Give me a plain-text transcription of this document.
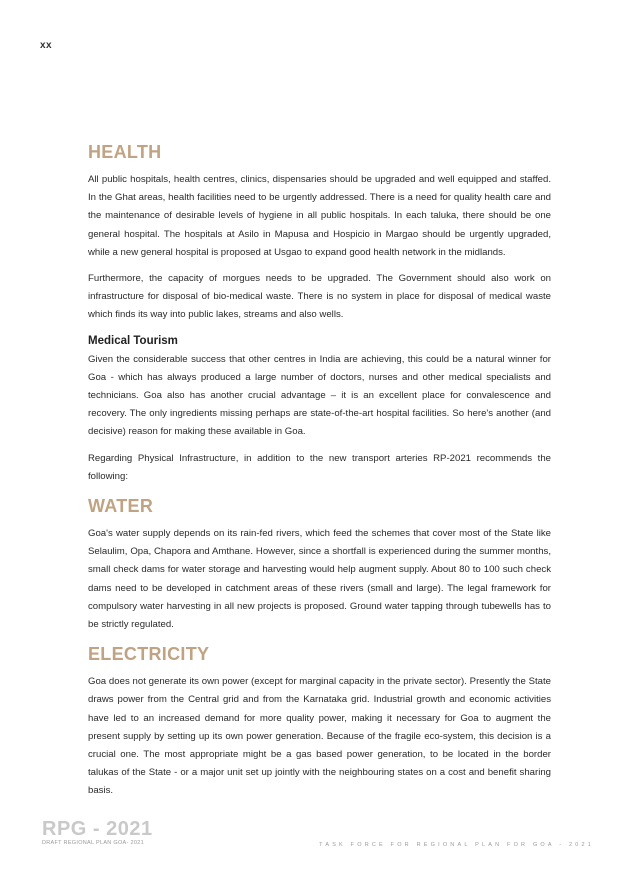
xx
HEALTH

All public hospitals, health centres, clinics, dispensaries should be upgraded and well equipped and staffed. In the Ghat areas, health facilities need to be urgently addressed. There is a need for quality health care and the maintenance of desirable levels of hygiene in all public hospitals. In each taluka, there should be one general hospital. The hospitals at Asilo in Mapusa and Hospicio in Margao should be urgently upgraded, while a new general hospital is proposed at Usgao to expand good health network in the midlands.

Furthermore, the capacity of morgues needs to be upgraded. The Government should also work on infrastructure for disposal of bio-medical waste. There is no system in place for disposal of medical waste which finds its way into public lakes, streams and also wells.

Medical Tourism

Given the considerable success that other centres in India are achieving, this could be a natural winner for Goa - which has always produced a large number of doctors, nurses and other medical specialists and technicians. Goa also has another crucial advantage – it is an excellent place for convalescence and recovery. The only ingredients missing perhaps are state-of-the-art hospital facilities. So here's another (and decisive) reason for making these available in Goa.

Regarding Physical Infrastructure, in addition to the new transport arteries RP-2021 recommends the following:

WATER

Goa's water supply depends on its rain-fed rivers, which feed the schemes that cover most of the State like Selaulim, Opa, Chapora and Amthane. However, since a shortfall is experienced during the summer months, small check dams for water storage and harvesting would help augment supply. About 80 to 100 such check dams need to be developed in catchment areas of these rivers (small and large). The legal framework for compulsory water harvesting in all new projects is proposed. Ground water tapping through tubewells has to be strictly regulated.

ELECTRICITY

Goa does not generate its own power (except for marginal capacity in the private sector). Presently the State draws power from the Central grid and from the Karnataka grid. Industrial growth and economic activities have led to an increased demand for more quality power, making it necessary for Goa to augment the present supply by setting up its own power generation. Because of the fragile eco-system, this decision is a crucial one. The most appropriate might be a gas based power generation, to be located in the border talukas of the State - or a major unit set up jointly with the neighbouring states on a cost and benefit sharing basis.

RPG - 2021
DRAFT REGIONAL PLAN GOA- 2021	TASK FORCE FOR REGIONAL PLAN FOR GOA - 2021
